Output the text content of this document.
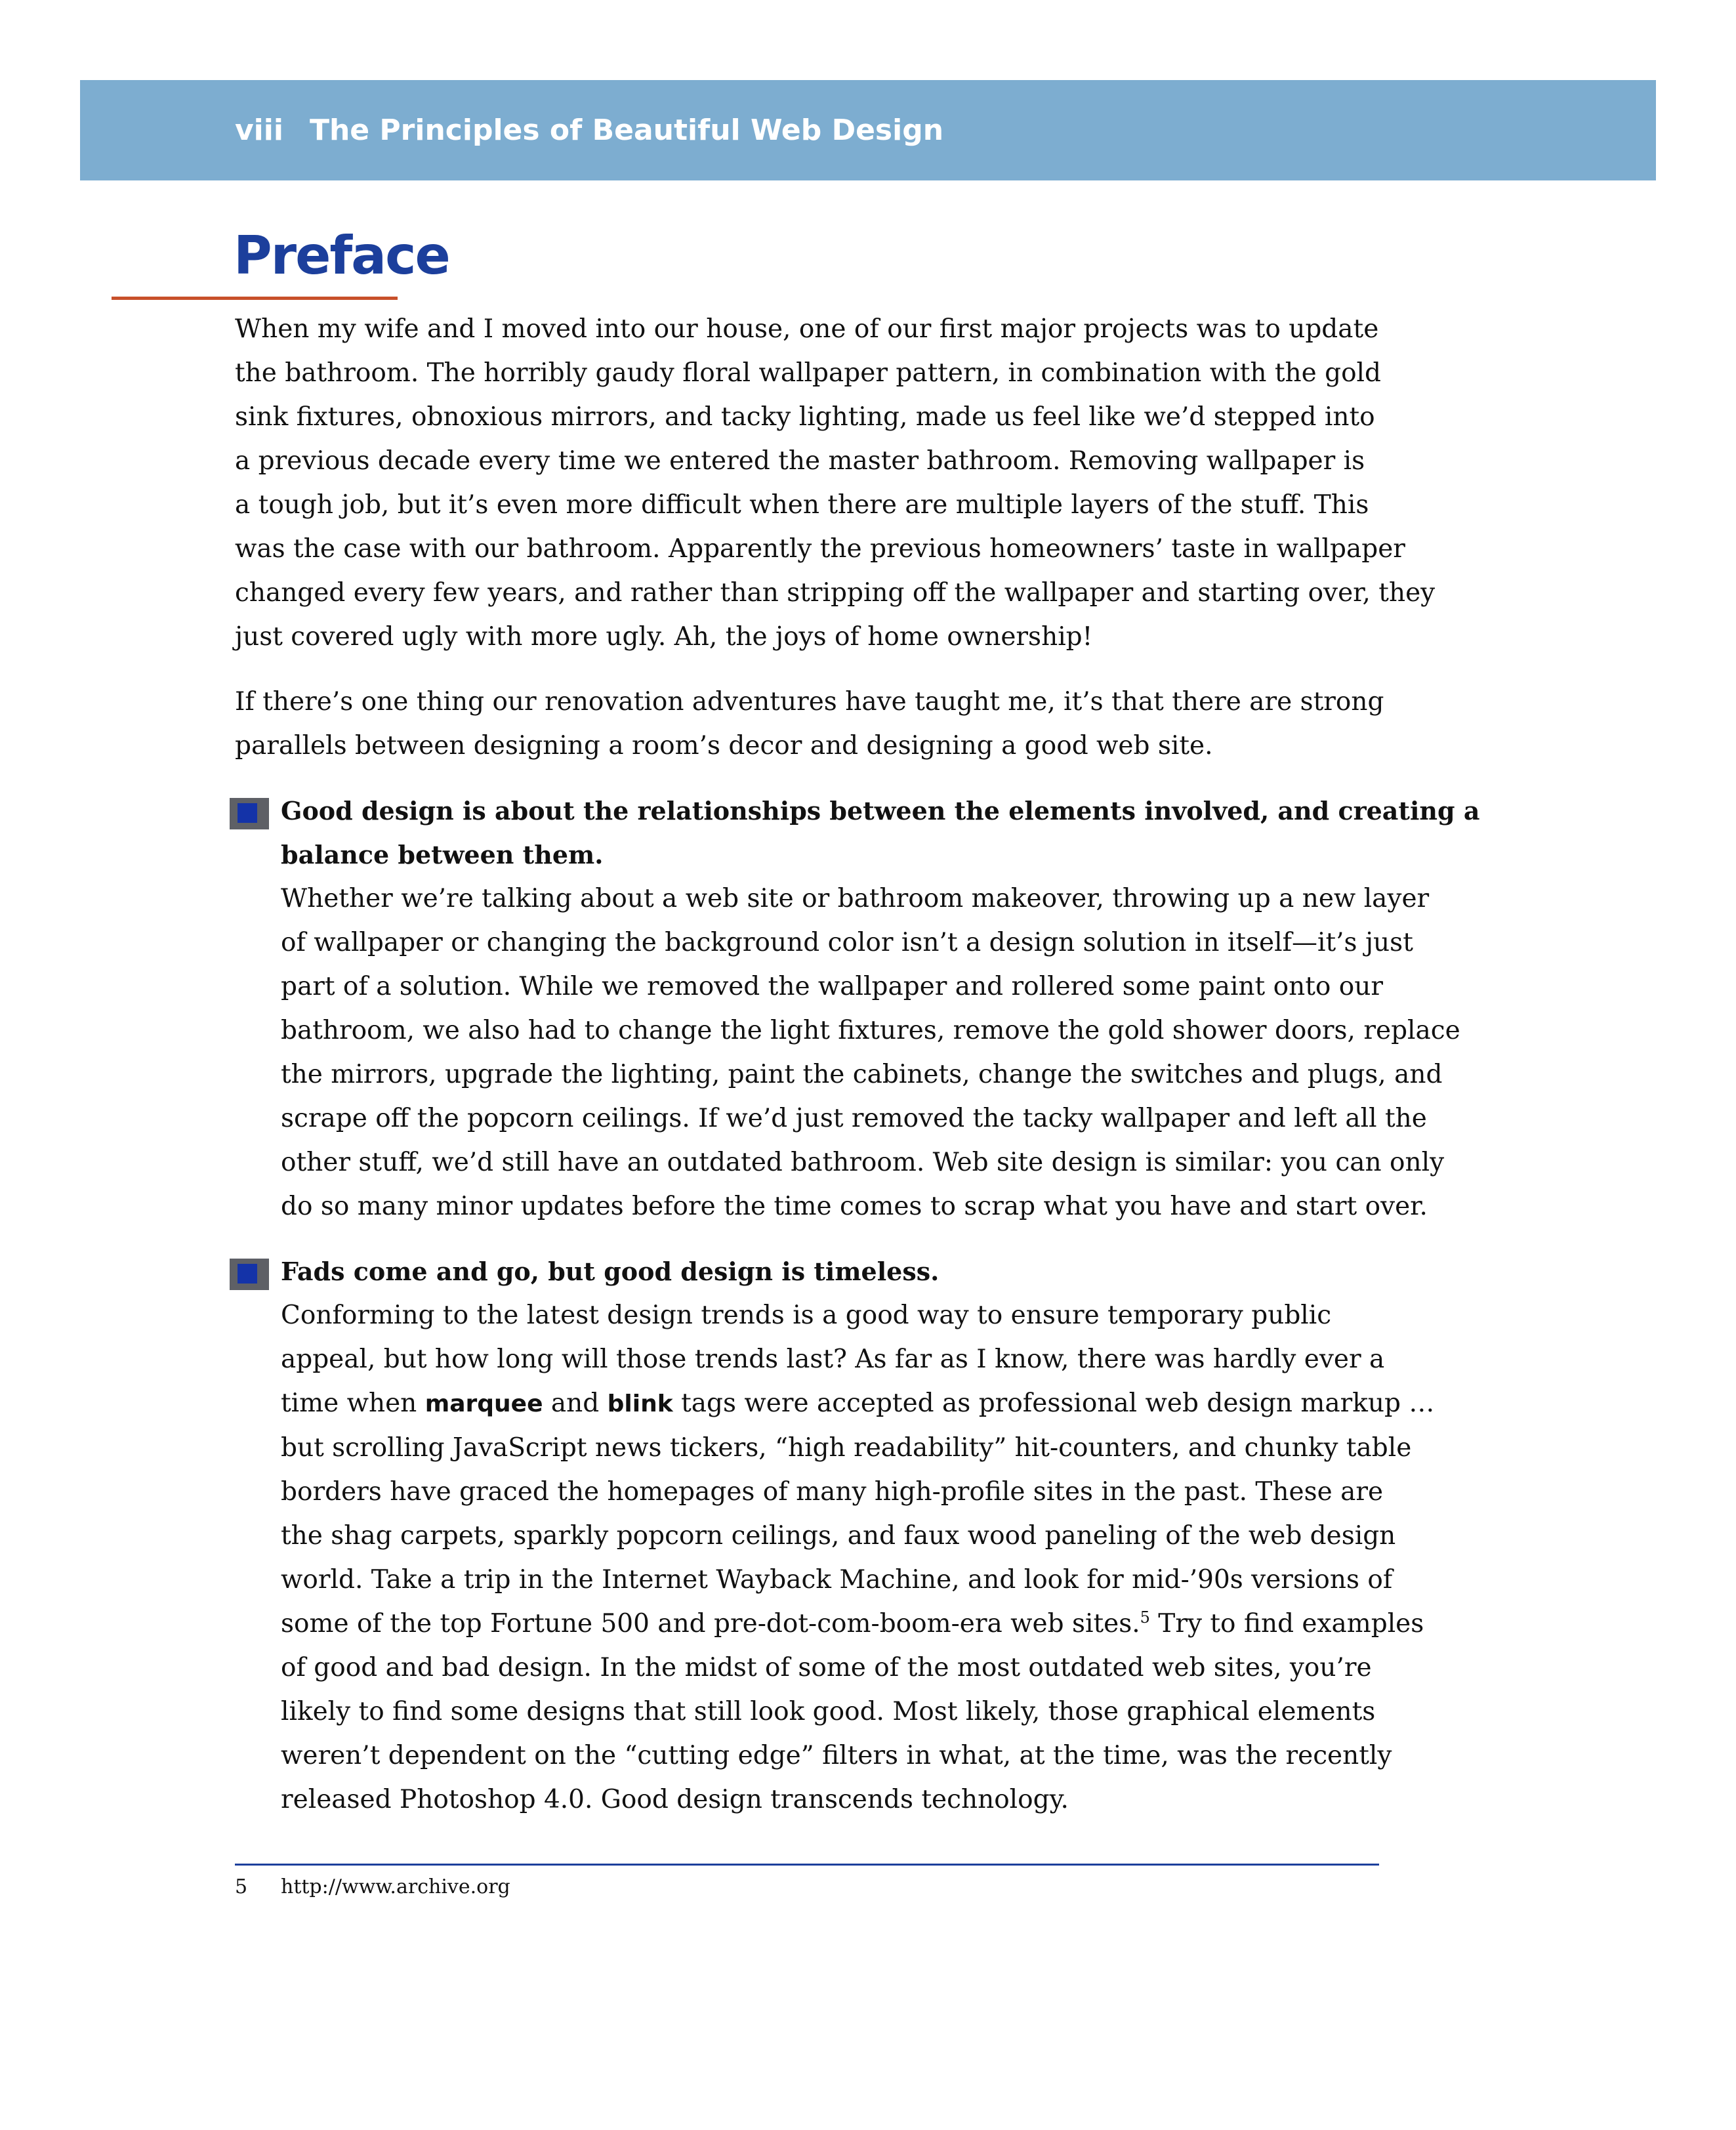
viii The Principles of Beautiful Web Design
Preface

When my wife and I moved into our house, one of our first major projects was to update
the bathroom. The horribly gaudy floral wallpaper pattern, in combination with the gold
sink fixtures, obnoxious mirrors, and tacky lighting, made us feel like we’d stepped into
a previous decade every time we entered the master bathroom. Removing wallpaper is
a tough job, but it’s even more difficult when there are multiple layers of the stuff. This
was the case with our bathroom. Apparently the previous homeowners’ taste in wallpaper
changed every few years, and rather than stripping off the wallpaper and starting over, they
just covered ugly with more ugly. Ah, the joys of home ownership!

If there’s one thing our renovation adventures have taught me, it’s that there are strong
parallels between designing a room’s decor and designing a good web site.

Good design is about the relationships between the elements involved, and creating a
balance between them.

Whether we’re talking about a web site or bathroom makeover, throwing up a new layer
of wallpaper or changing the background color isn’t a design solution in itself—it’s just
part of a solution. While we removed the wallpaper and rollered some paint onto our
bathroom, we also had to change the light fixtures, remove the gold shower doors, replace
the mirrors, upgrade the lighting, paint the cabinets, change the switches and plugs, and
scrape off the popcorn ceilings. If we’d just removed the tacky wallpaper and left all the
other stuff, we’d still have an outdated bathroom. Web site design is similar: you can only
do so many minor updates before the time comes to scrap what you have and start over.

Fads come and go, but good design is timeless.

Conforming to the latest design trends is a good way to ensure temporary public
appeal, but how long will those trends last? As far as I know, there was hardly ever a
time when marquee and blink tags were accepted as professional web design markup …
but scrolling JavaScript news tickers, “high readability” hit-counters, and chunky table
borders have graced the homepages of many high-profile sites in the past. These are
the shag carpets, sparkly popcorn ceilings, and faux wood paneling of the web design
world. Take a trip in the Internet Wayback Machine, and look for mid-’90s versions of
some of the top Fortune 500 and pre-dot-com-boom-era web sites.$^5$ Try to find examples
of good and bad design. In the midst of some of the most outdated web sites, you’re
likely to find some designs that still look good. Most likely, those graphical elements
weren’t dependent on the “cutting edge” filters in what, at the time, was the recently
released Photoshop 4.0. Good design transcends technology.

5 http://www.archive.org
